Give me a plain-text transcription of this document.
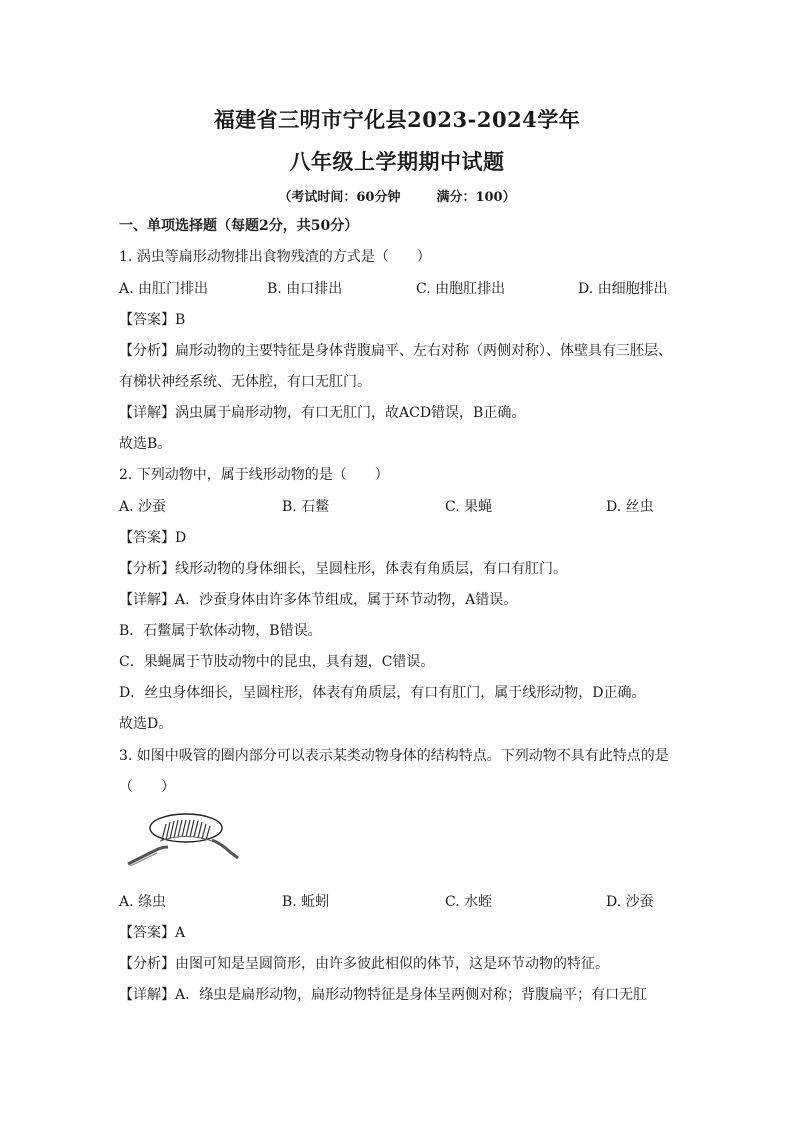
福建省三明市宁化县2023-2024学年
八年级上学期期中试题
（考试时间：60分钟	满分：100）
一、单项选择题（每题2分，共50分）
1. 涡虫等扁形动物排出食物残渣的方式是（　　）
A. 由肛门排出	B. 由口排出	C. 由胞肛排出	D. 由细胞排出
【答案】B
【分析】扁形动物的主要特征是身体背腹扁平、左右对称（两侧对称）、体壁具有三胚层、
有梯状神经系统、无体腔，有口无肛门。
【详解】涡虫属于扁形动物，有口无肛门，故ACD错误，B正确。
故选B。
2. 下列动物中，属于线形动物的是（　　）
A. 沙蚕	B. 石鳖	C. 果蝇	D. 丝虫
【答案】D
【分析】线形动物的身体细长，呈圆柱形，体表有角质层，有口有肛门。
【详解】A．沙蚕身体由许多体节组成，属于环节动物，A错误。
B．石鳖属于软体动物，B错误。
C．果蝇属于节肢动物中的昆虫，具有翅，C错误。
D．丝虫身体细长，呈圆柱形，体表有角质层，有口有肛门，属于线形动物，D正确。
故选D。
3. 如图中吸管的圈内部分可以表示某类动物身体的结构特点。下列动物不具有此特点的是
（　　）
A. 绦虫	B. 蚯蚓	C. 水蛭	D. 沙蚕
【答案】A
【分析】由图可知是呈圆筒形，由许多彼此相似的体节，这是环节动物的特征。
【详解】A．绦虫是扁形动物，扁形动物特征是身体呈两侧对称；背腹扁平；有口无肛
